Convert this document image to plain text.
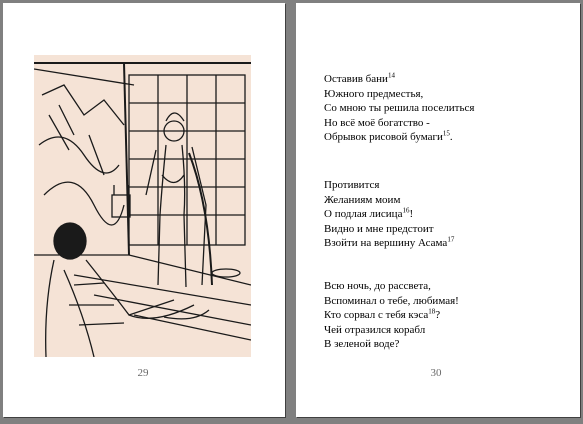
29
Оставив бани$^{14}$
Южного предместья,
Со мною ты решила поселиться
Но всё моё богатство -
Обрывок рисовой бумаги$^{15}$.
Противится
Желаниям моим
О подлая лисица$^{16}$!
Видно и мне предстоит
Взойти на вершину Асама$^{17}$
Всю ночь, до рассвета,
Вспоминал о тебе, любимая!
Кто сорвал с тебя кэса$^{18}$?
Чей отразился корабл
В зеленой воде?
30
